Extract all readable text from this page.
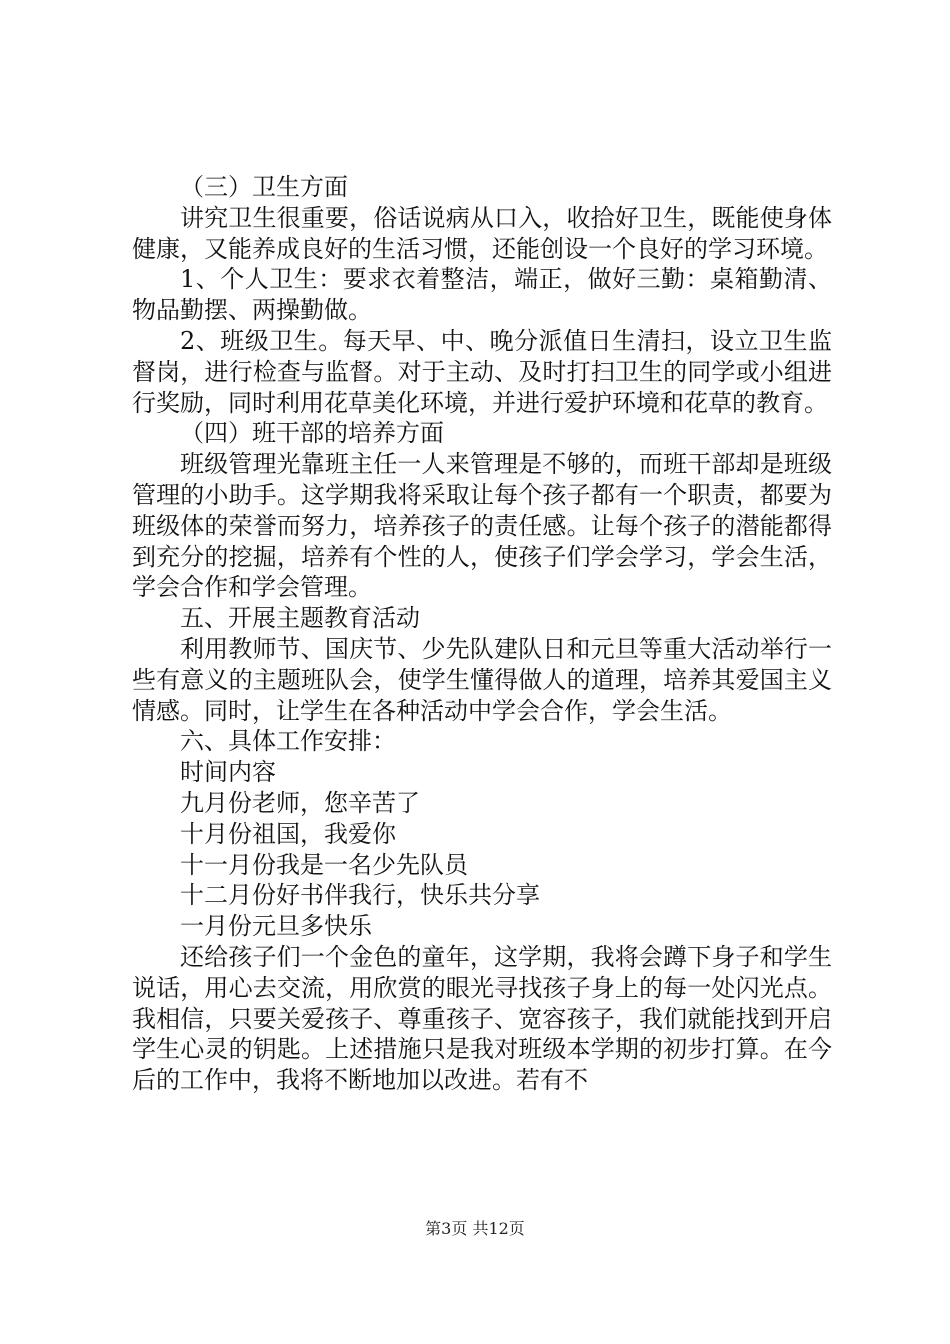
（三）卫生方面

讲究卫生很重要，俗话说病从口入，收拾好卫生，既能使身体健康，又能养成良好的生活习惯，还能创设一个良好的学习环境。

1、个人卫生：要求衣着整洁，端正，做好三勤：桌箱勤清、物品勤摆、两操勤做。

2、班级卫生。每天早、中、晚分派值日生清扫，设立卫生监督岗，进行检查与监督。对于主动、及时打扫卫生的同学或小组进行奖励，同时利用花草美化环境，并进行爱护环境和花草的教育。

（四）班干部的培养方面

班级管理光靠班主任一人来管理是不够的，而班干部却是班级管理的小助手。这学期我将采取让每个孩子都有一个职责，都要为班级体的荣誉而努力，培养孩子的责任感。让每个孩子的潜能都得到充分的挖掘，培养有个性的人，使孩子们学会学习，学会生活，学会合作和学会管理。

五、开展主题教育活动

利用教师节、国庆节、少先队建队日和元旦等重大活动举行一些有意义的主题班队会，使学生懂得做人的道理，培养其爱国主义情感。同时，让学生在各种活动中学会合作，学会生活。

六、具体工作安排：

时间内容

九月份老师，您辛苦了

十月份祖国，我爱你

十一月份我是一名少先队员

十二月份好书伴我行，快乐共分享

一月份元旦多快乐

还给孩子们一个金色的童年，这学期，我将会蹲下身子和学生说话，用心去交流，用欣赏的眼光寻找孩子身上的每一处闪光点。我相信，只要关爱孩子、尊重孩子、宽容孩子，我们就能找到开启学生心灵的钥匙。上述措施只是我对班级本学期的初步打算。在今后的工作中，我将不断地加以改进。若有不

第3页 共12页
